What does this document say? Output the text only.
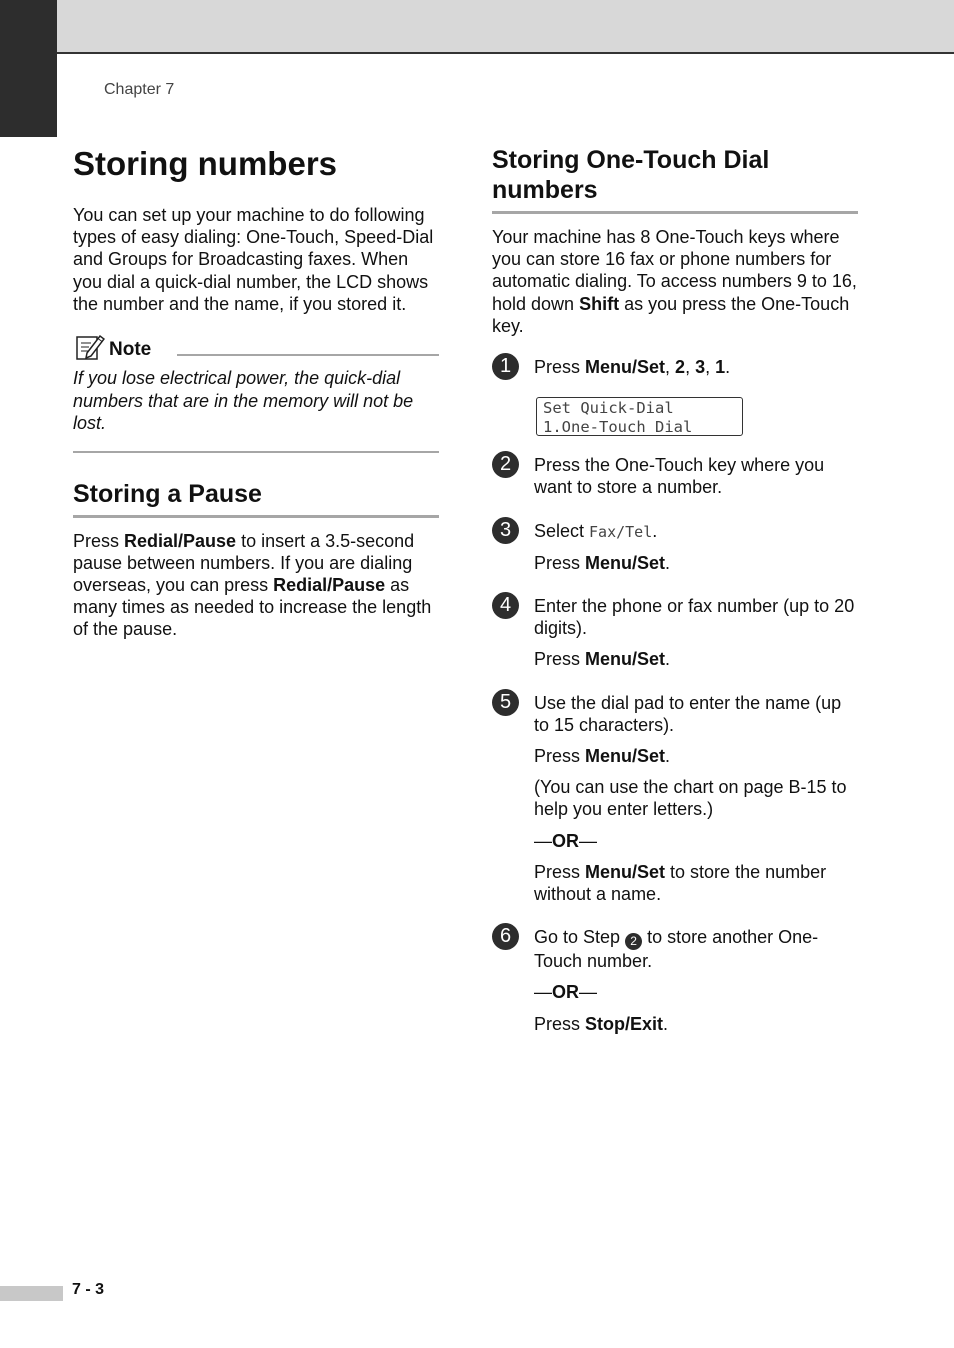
Chapter 7
Storing numbers

You can set up your machine to do following types of easy dialing: One-Touch, Speed-Dial and Groups for Broadcasting faxes. When you dial a quick-dial number, the LCD shows the number and the name, if you stored it.

Note

If you lose electrical power, the quick-dial numbers that are in the memory will not be lost.

Storing a Pause

Press Redial/Pause to insert a 3.5-second pause between numbers. If you are dialing overseas, you can press Redial/Pause as many times as needed to increase the length of the pause.

Storing One-Touch Dial numbers

Your machine has 8 One-Touch keys where you can store 16 fax or phone numbers for automatic dialing. To access numbers 9 to 16, hold down Shift as you press the One-Touch key.

1	Press Menu/Set, 2, 3, 1.

2	Press the One-Touch key where you want to store a number.

3	Select Fax/Tel.

Press Menu/Set.

4	Enter the phone or fax number (up to 20 digits).

Press Menu/Set.

5	Use the dial pad to enter the name (up to 15 characters).

Press Menu/Set.

(You can use the chart on page B-15 to help you enter letters.)

—OR—

Press Menu/Set to store the number without a name.

6	Go to Step 2 to store another One-Touch number.

—OR—

Press Stop/Exit.

Set Quick-Dial
1.One-Touch Dial
7 - 3
